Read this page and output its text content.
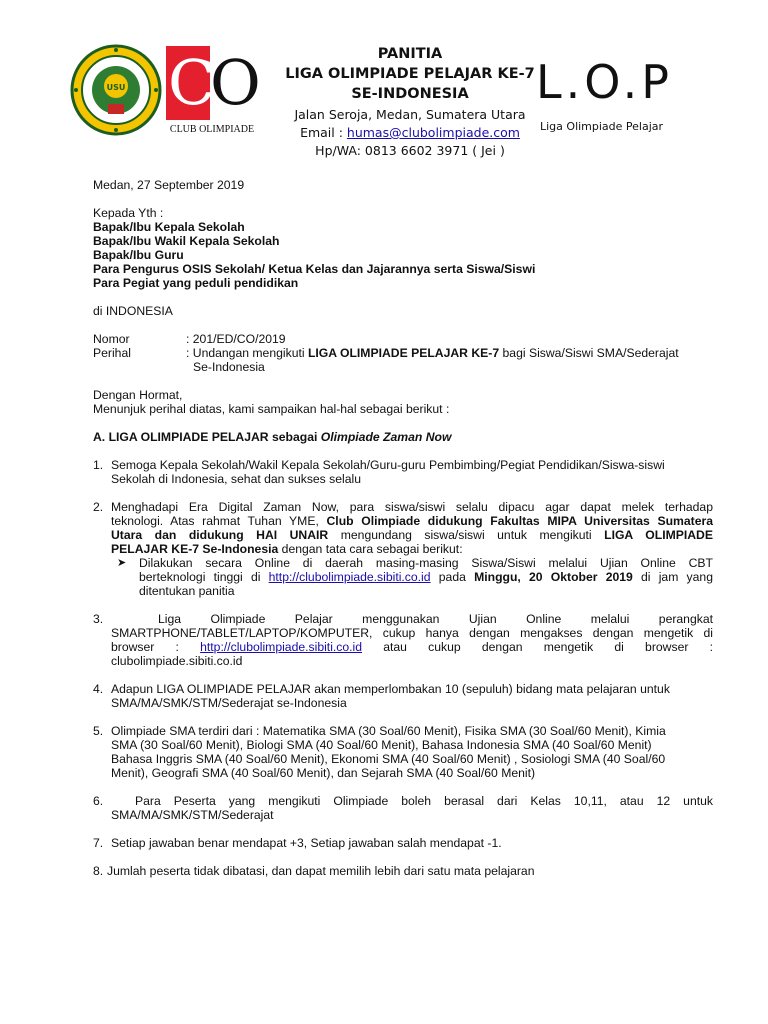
USU C
O
CLUB OLIMPIADE
PANITIA
LIGA OLIMPIADE PELAJAR KE-7
SE-INDONESIA
Jalan Seroja, Medan, Sumatera Utara
Email : humas@clubolimpiade.com
Hp/WA: 0813 6602 3971 ( Jei )
L.O.P
Liga Olimpiade Pelajar
Medan, 27 September 2019
Kepada Yth :
Bapak/Ibu Kepala Sekolah
Bapak/Ibu Wakil Kepala Sekolah
Bapak/Ibu Guru
Para Pengurus OSIS Sekolah/ Ketua Kelas dan Jajarannya serta Siswa/Siswi
Para Pegiat yang peduli pendidikan
di INDONESIA
Nomor	: 201/ED/CO/2019
Perihal	: Undangan mengikuti LIGA OLIMPIADE PELAJAR KE-7 bagi Siswa/Siswi SMA/Sederajat
Se-Indonesia
Dengan Hormat,
Menunjuk perihal diatas, kami sampaikan hal-hal sebagai berikut :
A. LIGA OLIMPIADE PELAJAR sebagai Olimpiade Zaman Now
1. Semoga Kepala Sekolah/Wakil Kepala Sekolah/Guru-guru Pembimbing/Pegiat Pendidikan/Siswa-siswi
Sekolah di Indonesia, sehat dan sukses selalu
2. Menghadapi Era Digital Zaman Now, para siswa/siswi selalu dipacu agar dapat melek terhadap
teknologi. Atas rahmat Tuhan YME, Club Olimpiade didukung Fakultas MIPA Universitas Sumatera
Utara dan didukung HAI UNAIR mengundang siswa/siswi untuk mengikuti LIGA OLIMPIADE
PELAJAR KE-7 Se-Indonesia dengan tata cara sebagai berikut:
➤ Dilakukan secara Online di daerah masing-masing Siswa/Siswi melalui Ujian Online CBT
berteknologi tinggi di http://clubolimpiade.sibiti.co.id pada Minggu, 20 Oktober 2019 di jam yang
ditentukan panitia
3.	Liga Olimpiade Pelajar menggunakan Ujian Online melalui perangkat
SMARTPHONE/TABLET/LAPTOP/KOMPUTER, cukup hanya dengan mengakses dengan mengetik di
browser : http://clubolimpiade.sibiti.co.id atau cukup dengan mengetik di browser :
clubolimpiade.sibiti.co.id
4. Adapun LIGA OLIMPIADE PELAJAR akan memperlombakan 10 (sepuluh) bidang mata pelajaran untuk
SMA/MA/SMK/STM/Sederajat se-Indonesia
5. Olimpiade SMA terdiri dari : Matematika SMA (30 Soal/60 Menit), Fisika SMA (30 Soal/60 Menit), Kimia
SMA (30 Soal/60 Menit), Biologi SMA (40 Soal/60 Menit), Bahasa Indonesia SMA (40 Soal/60 Menit)
Bahasa Inggris SMA (40 Soal/60 Menit), Ekonomi SMA (40 Soal/60 Menit) , Sosiologi SMA (40 Soal/60
Menit), Geografi SMA (40 Soal/60 Menit), dan Sejarah SMA (40 Soal/60 Menit)
6.	Para Peserta yang mengikuti Olimpiade boleh berasal dari Kelas 10,11, atau 12 untuk
SMA/MA/SMK/STM/Sederajat
7. Setiap jawaban benar mendapat +3, Setiap jawaban salah mendapat -1.
8. Jumlah peserta tidak dibatasi, dan dapat memilih lebih dari satu mata pelajaran
